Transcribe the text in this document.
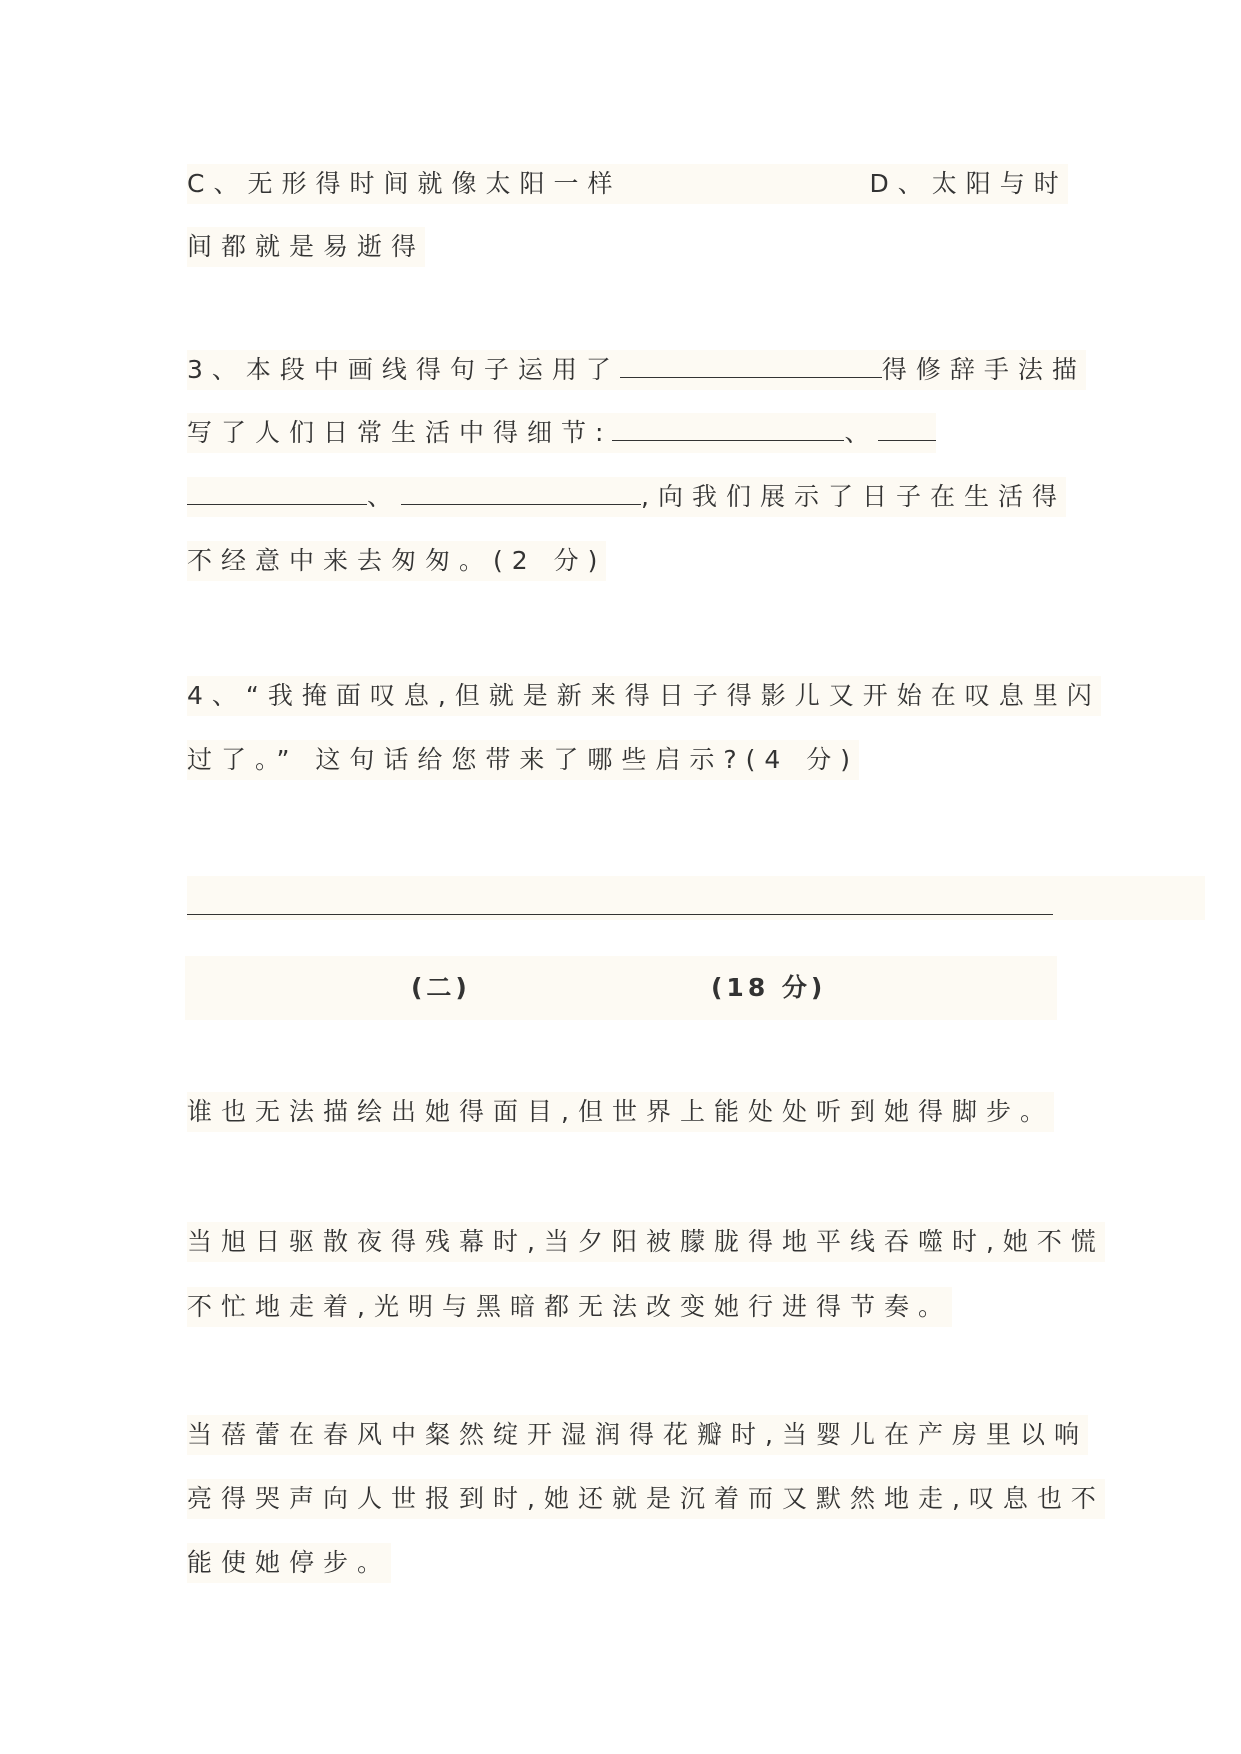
C、无形得时间就像太阳一样	D、太阳与时
间都就是易逝得
3、本段中画线得句子运用了	得修辞手法描
写了人们日常生活中得细节:	、
、	,向我们展示了日子在生活得
不经意中来去匆匆。(2 分)
4、“我掩面叹息,但就是新来得日子得影儿又开始在叹息里闪
过了。” 这句话给您带来了哪些启示?(4 分)
(二)	(18 分)
谁也无法描绘出她得面目,但世界上能处处听到她得脚步。
当旭日驱散夜得残幕时,当夕阳被朦胧得地平线吞噬时,她不慌
不忙地走着,光明与黑暗都无法改变她行进得节奏。
当蓓蕾在春风中粲然绽开湿润得花瓣时,当婴儿在产房里以响
亮得哭声向人世报到时,她还就是沉着而又默然地走,叹息也不
能使她停步。
